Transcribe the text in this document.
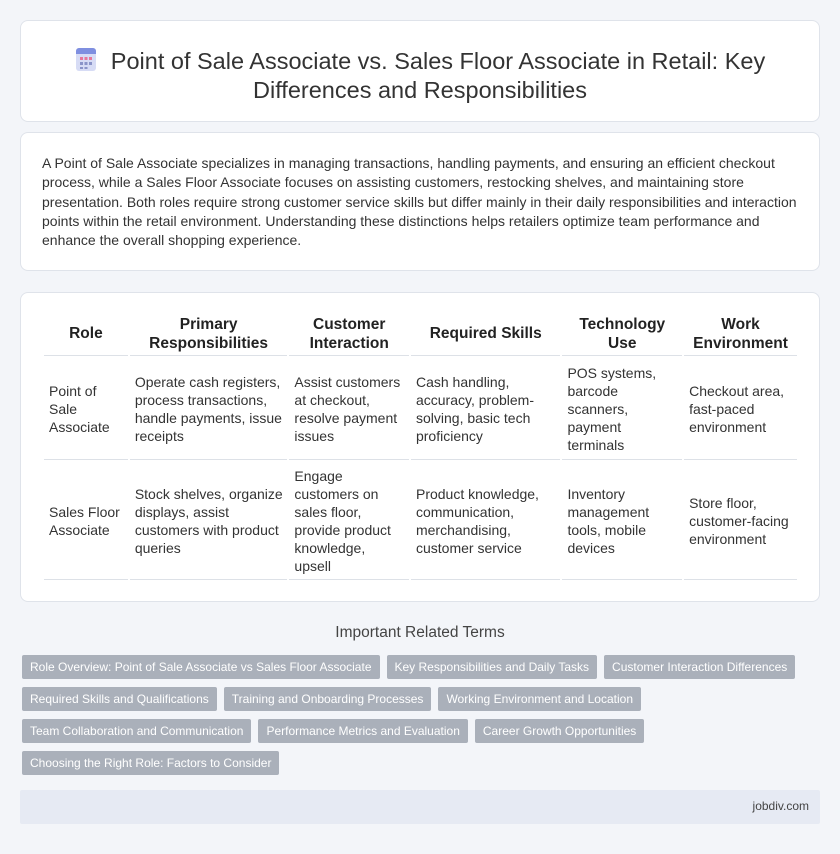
Point of Sale Associate vs. Sales Floor Associate in Retail: Key Differences and Responsibilities

A Point of Sale Associate specializes in managing transactions, handling payments, and ensuring an efficient checkout process, while a Sales Floor Associate focuses on assisting customers, restocking shelves, and maintaining store presentation. Both roles require strong customer service skills but differ mainly in their daily responsibilities and interaction points within the retail environment. Understanding these distinctions helps retailers optimize team performance and enhance the overall shopping experience.

Role	Primary Responsibilities	Customer Interaction	Required Skills	Technology Use	Work Environment
Point of Sale Associate	Operate cash registers, process transactions, handle payments, issue receipts	Assist customers at checkout, resolve payment issues	Cash handling, accuracy, problem-solving, basic tech proficiency	POS systems, barcode scanners, payment terminals	Checkout area, fast-paced environment
Sales Floor Associate	Stock shelves, organize displays, assist customers with product queries	Engage customers on sales floor, provide product knowledge, upsell	Product knowledge, communication, merchandising, customer service	Inventory management tools, mobile devices	Store floor, customer-facing environment
Important Related Terms
Role Overview: Point of Sale Associate vs Sales Floor Associate	Key Responsibilities and Daily Tasks	Customer Interaction Differences
Required Skills and Qualifications	Training and Onboarding Processes	Working Environment and Location
Team Collaboration and Communication	Performance Metrics and Evaluation	Career Growth Opportunities
Choosing the Right Role: Factors to Consider
jobdiv.com
